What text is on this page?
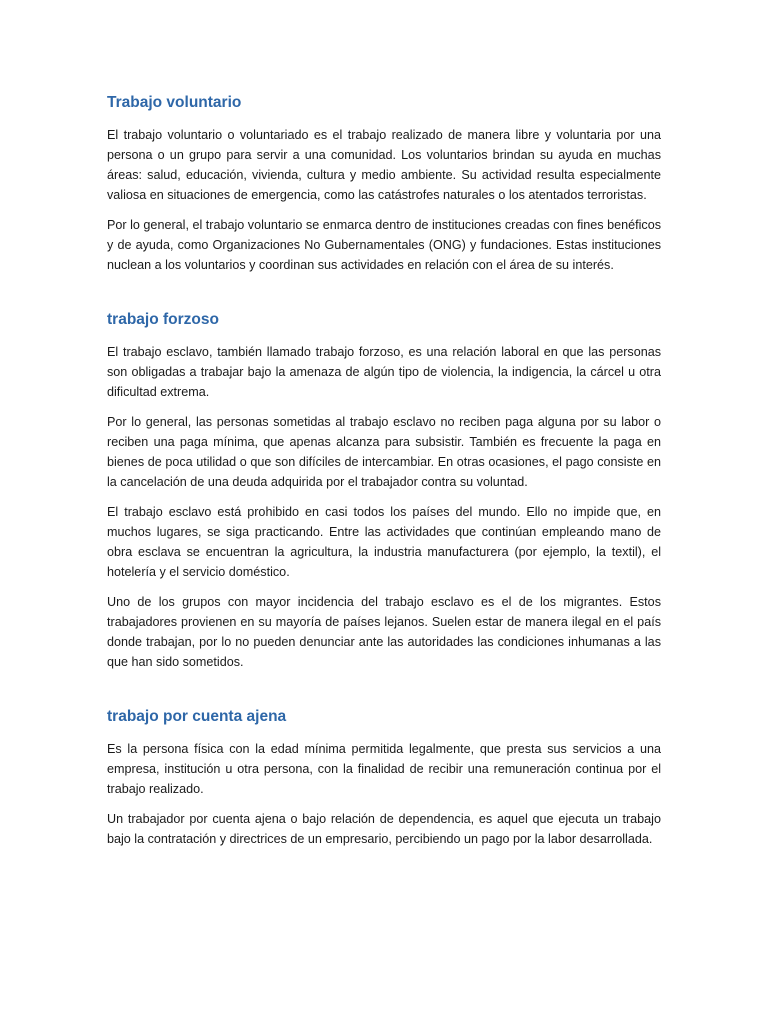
Trabajo voluntario

El trabajo voluntario o voluntariado es el trabajo realizado de manera libre y voluntaria por una persona o un grupo para servir a una comunidad. Los voluntarios brindan su ayuda en muchas áreas: salud, educación, vivienda, cultura y medio ambiente. Su actividad resulta especialmente valiosa en situaciones de emergencia, como las catástrofes naturales o los atentados terroristas.

Por lo general, el trabajo voluntario se enmarca dentro de instituciones creadas con fines benéficos y de ayuda, como Organizaciones No Gubernamentales (ONG) y fundaciones. Estas instituciones nuclean a los voluntarios y coordinan sus actividades en relación con el área de su interés.

trabajo forzoso

El trabajo esclavo, también llamado trabajo forzoso, es una relación laboral en que las personas son obligadas a trabajar bajo la amenaza de algún tipo de violencia, la indigencia, la cárcel u otra dificultad extrema.

Por lo general, las personas sometidas al trabajo esclavo no reciben paga alguna por su labor o reciben una paga mínima, que apenas alcanza para subsistir. También es frecuente la paga en bienes de poca utilidad o que son difíciles de intercambiar. En otras ocasiones, el pago consiste en la cancelación de una deuda adquirida por el trabajador contra su voluntad.

El trabajo esclavo está prohibido en casi todos los países del mundo. Ello no impide que, en muchos lugares, se siga practicando. Entre las actividades que continúan empleando mano de obra esclava se encuentran la agricultura, la industria manufacturera (por ejemplo, la textil), el hotelería y el servicio doméstico.

Uno de los grupos con mayor incidencia del trabajo esclavo es el de los migrantes. Estos trabajadores provienen en su mayoría de países lejanos. Suelen estar de manera ilegal en el país donde trabajan, por lo no pueden denunciar ante las autoridades las condiciones inhumanas a las que han sido sometidos.

trabajo por cuenta ajena

Es la persona física con la edad mínima permitida legalmente, que presta sus servicios a una empresa, institución u otra persona, con la finalidad de recibir una remuneración continua por el trabajo realizado.

Un trabajador por cuenta ajena o bajo relación de dependencia, es aquel que ejecuta un trabajo bajo la contratación y directrices de un empresario, percibiendo un pago por la labor desarrollada.
